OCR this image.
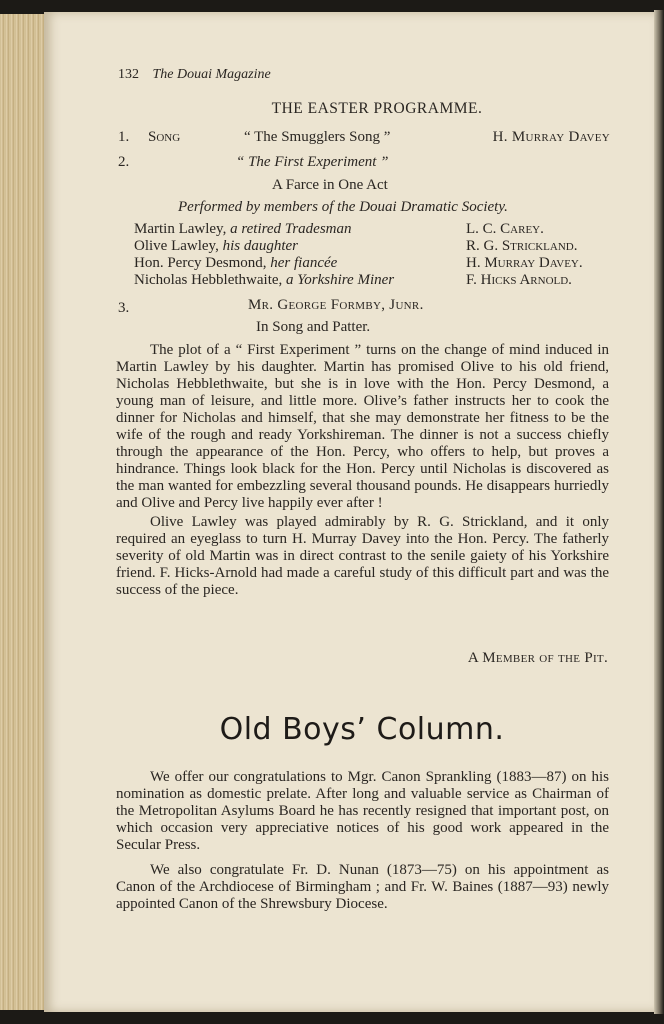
132 The Douai Magazine
THE EASTER PROGRAMME.
1. Song	“ The Smugglers Song ”	H. Murray Davey
2.	“ The First Experiment ”
A Farce in One Act
Performed by members of the Douai Dramatic Society.
Martin Lawley, a retired Tradesman	L. C. Carey.
Olive Lawley, his daughter	R. G. Strickland.
Hon. Percy Desmond, her fiancée	H. Murray Davey.
Nicholas Hebblethwaite, a Yorkshire Miner	F. Hicks Arnold.
3.	Mr. George Formby, Junr.
In Song and Patter.

The plot of a “ First Experiment ” turns on the change of mind induced in Martin Lawley by his daughter. Martin has promised Olive to his old friend, Nicholas Hebblethwaite, but she is in love with the Hon. Percy Desmond, a young man of leisure, and little more. Olive’s father instructs her to cook the dinner for Nicholas and himself, that she may demonstrate her fitness to be the wife of the rough and ready Yorkshireman. The dinner is not a success chiefly through the appearance of the Hon. Percy, who offers to help, but proves a hindrance. Things look black for the Hon. Percy until Nicholas is discovered as the man wanted for embezzling several thousand pounds. He disappears hurriedly and Olive and Percy live happily ever after !

Olive Lawley was played admirably by R. G. Strickland, and it only required an eyeglass to turn H. Murray Davey into the Hon. Percy. The fatherly severity of old Martin was in direct contrast to the senile gaiety of his Yorkshire friend. F. Hicks-Arnold had made a careful study of this difficult part and was the success of the piece.

A Member of the Pit.
Old Boys’ Column.

We offer our congratulations to Mgr. Canon Sprankling (1883—87) on his nomination as domestic prelate. After long and valuable service as Chairman of the Metropolitan Asylums Board he has recently resigned that important post, on which occasion very appreciative notices of his good work appeared in the Secular Press.

We also congratulate Fr. D. Nunan (1873—75) on his appointment as Canon of the Archdiocese of Birmingham ; and Fr. W. Baines (1887—93) newly appointed Canon of the Shrewsbury Diocese.
